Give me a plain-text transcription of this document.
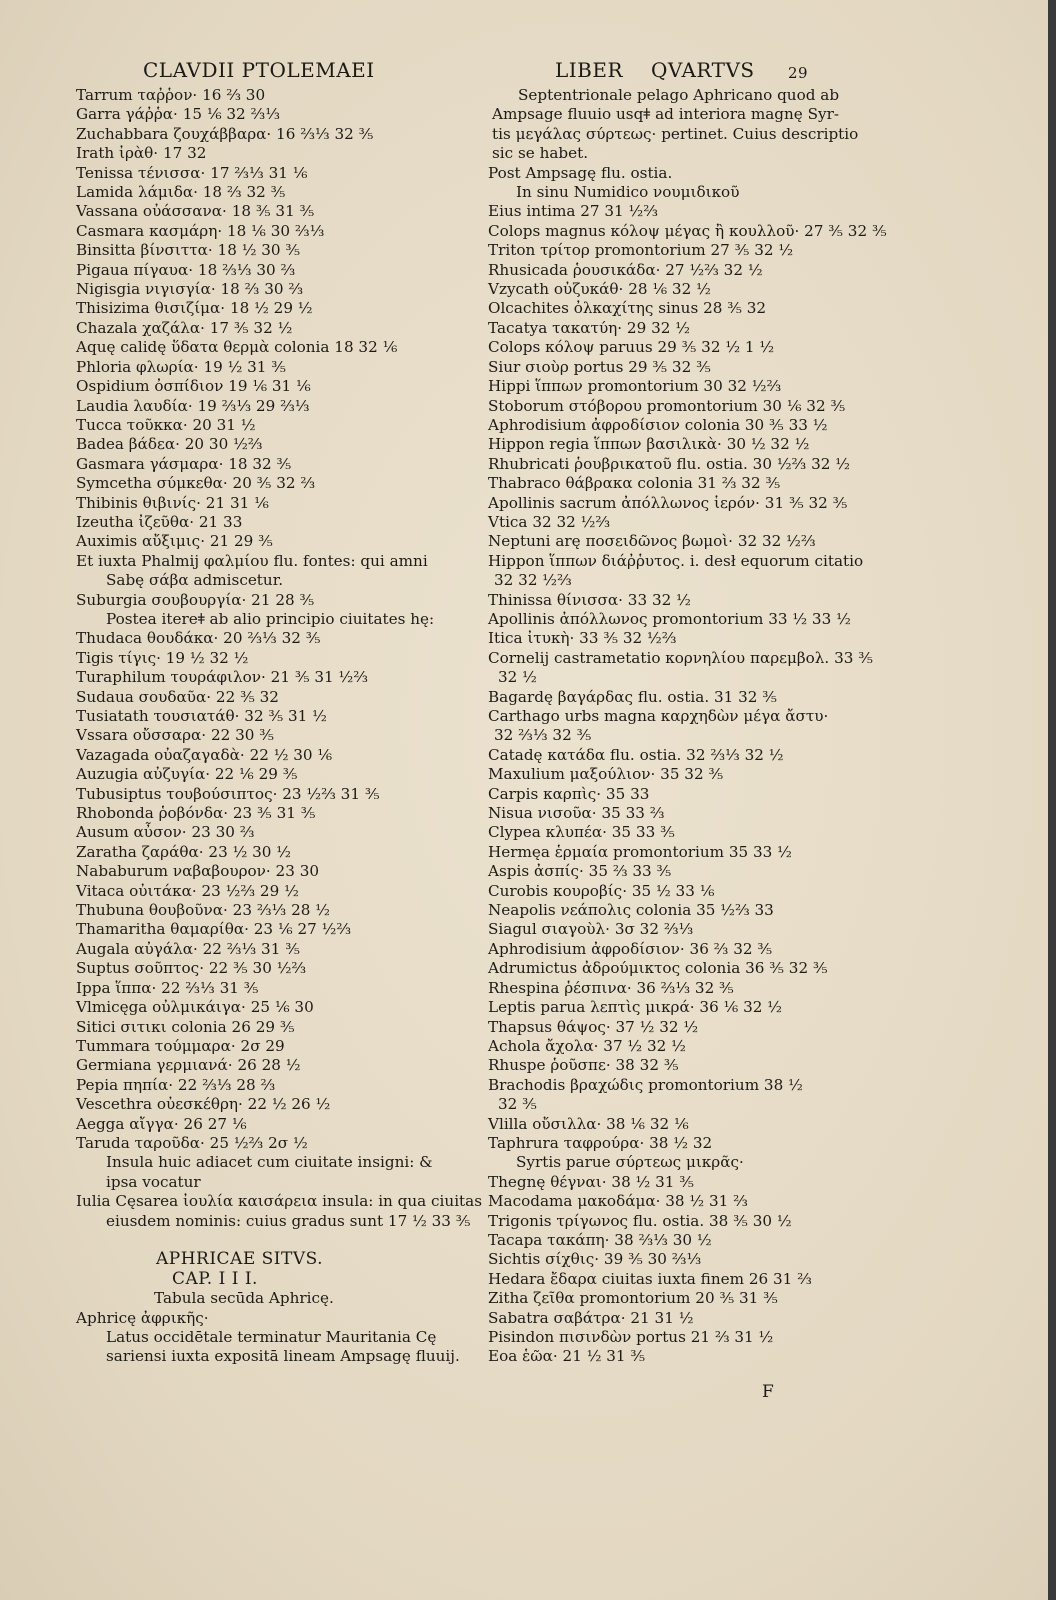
CLAVDII PTOLEMAEI	LIBER QVARTVS 29
Tarrum ταῤῥον· 16 ⅔ 30
Garra γάῤῥα· 15 ⅙ 32 ⅔⅓
Zuchabbara ζουχάββαρα· 16 ⅔⅓ 32 ⅗
Irath ἰρὰθ· 17 32
Tenissa τένισσα· 17 ⅔⅓ 31 ⅙
Lamida λάμιδα· 18 ⅔ 32 ⅗
Vassana οὐάσσανα· 18 ⅗ 31 ⅗
Casmara κασμάρη· 18 ⅙ 30 ⅔⅓
Binsitta βίνσιττα· 18 ½ 30 ⅗
Pigaua πίγαυα· 18 ⅔⅓ 30 ⅔
Nigisgia νιγισγία· 18 ⅔ 30 ⅔
Thisizima θισιζίμα· 18 ½ 29 ½
Chazala χαζάλα· 17 ⅗ 32 ½
Aquę calidę ὕδατα θερμὰ colonia 18 32 ⅙
Phloria φλωρία· 19 ½ 31 ⅗
Ospidium ὀσπίδιον 19 ⅙ 31 ⅙
Laudia λαυδία· 19 ⅔⅓ 29 ⅔⅓
Tucca τοῦκκα· 20 31 ½
Badea βάδεα· 20 30 ½⅔
Gasmara γάσμαρα· 18 32 ⅗
Symcetha σύμκεθα· 20 ⅗ 32 ⅔
Thibinis θιβινίς· 21 31 ⅙
Izeutha ἰζεῦθα· 21 33
Auximis αὔξιμις· 21 29 ⅗
Et iuxta Phalmij φαλμίου flu. fontes: qui amni
Sabę σάβα admiscetur.
Suburgia σουβουργία· 21 28 ⅗
Postea itereǂ ab alio principio ciuitates hę:
Thudaca θουδάκα· 20 ⅔⅓ 32 ⅗
Tigis τίγις· 19 ½ 32 ½
Turaphilum τουράφιλον· 21 ⅗ 31 ½⅔
Sudaua σουδαῦα· 22 ⅗ 32
Tusiatath τουσιατάθ· 32 ⅗ 31 ½
Vssara οὔσσαρα· 22 30 ⅗
Vazagada οὐαζαγαδὰ· 22 ½ 30 ⅙
Auzugia αὐζυγία· 22 ⅙ 29 ⅗
Tubusiptus τουβούσιπτος· 23 ½⅔ 31 ⅗
Rhobonda ῥοβόνδα· 23 ⅗ 31 ⅗
Ausum αὖσον· 23 30 ⅔
Zaratha ζαράθα· 23 ½ 30 ½
Nababurum ναβαβουρον· 23 30
Vitaca οὐιτάκα· 23 ½⅔ 29 ½
Thubuna θουβοῦνα· 23 ⅔⅓ 28 ½
Thamaritha θαμαρίθα· 23 ⅙ 27 ½⅔
Augala αὐγάλα· 22 ⅔⅓ 31 ⅗
Suptus σοῦπτος· 22 ⅗ 30 ½⅔
Ippa ἵππα· 22 ⅔⅓ 31 ⅗
Vlmicęga οὐλμικάιγα· 25 ⅙ 30
Sitici σιτικι colonia 26 29 ⅗
Tummara τούμμαρα· 2σ 29
Germiana γερμιανά· 26 28 ½
Pepia πηπία· 22 ⅔⅓ 28 ⅔
Vescethra οὐεσκέθρη· 22 ½ 26 ½
Aegga αἴγγα· 26 27 ⅙
Taruda ταροῦδα· 25 ½⅔ 2σ ½
Insula huic adiacet cum ciuitate insigni: &
ipsa vocatur
Iulia Cęsarea ἰουλία καισάρεια insula: in qua ciuitas
eiusdem nominis: cuius gradus sunt 17 ½ 33 ⅗
APHRICAE SITVS.
CAP. I I I.
Tabula secūda Aphricę.
Aphricę ἀφρικῆς·
Latus occidētale terminatur Mauritania Cę
sariensi iuxta expositā lineam Ampsagę fluuij.
Septentrionale pelago Aphricano quod ab
Ampsage fluuio usqǂ ad interiora magnę Syr-
tis μεγάλας σύρτεως· pertinet. Cuius descriptio
sic se habet.
Post Ampsagę flu. ostia.
In sinu Numidico νουμιδικοῦ
Eius intima 27 31 ½⅔
Colops magnus κόλοψ μέγας ἢ κουλλοῦ· 27 ⅗ 32 ⅗
Triton τρίτορ promontorium 27 ⅗ 32 ½
Rhusicada ῥουσικάδα· 27 ½⅔ 32 ½
Vzycath οὐζυκάθ· 28 ⅙ 32 ½
Olcachites ὀλκαχίτης sinus 28 ⅗ 32
Tacatya τακατύη· 29 32 ½
Colops κόλοψ paruus 29 ⅗ 32 ½ 1 ½
Siur σιοὺρ portus 29 ⅗ 32 ⅗
Hippi ἵππων promontorium 30 32 ½⅔
Stoborum στόβορου promontorium 30 ⅙ 32 ⅗
Aphrodisium ἀφροδίσιον colonia 30 ⅗ 33 ½
Hippon regia ἵππων βασιλικὰ· 30 ½ 32 ½
Rhubricati ῥουβρικατοῦ flu. ostia. 30 ½⅔ 32 ½
Thabraco θάβρακα colonia 31 ⅔ 32 ⅗
Apollinis sacrum ἀπόλλωνος ἱερόν· 31 ⅗ 32 ⅗
Vtica 32 32 ½⅔
Neptuni arę ποσειδῶνος βωμοὶ· 32 32 ½⅔
Hippon ἵππων διάῤῥυτος. i. desł equorum citatio
32 32 ½⅔
Thinissa θίνισσα· 33 32 ½
Apollinis ἀπόλλωνος promontorium 33 ½ 33 ½
Itica ἰτυκὴ· 33 ⅗ 32 ½⅔
Cornelij castrametatio κορνηλίου παρεμβολ. 33 ⅗
32 ½
Bagardę βαγάρδας flu. ostia. 31 32 ⅗
Carthago urbs magna καρχηδὼν μέγα ἄστυ·
32 ⅔⅓ 32 ⅗
Catadę κατάδα flu. ostia. 32 ⅔⅓ 32 ½
Maxulium μαξούλιον· 35 32 ⅗
Carpis καρπὶς· 35 33
Nisua νισοῦα· 35 33 ⅔
Clypea κλυπέα· 35 33 ⅗
Hermęa ἑρμαία promontorium 35 33 ½
Aspis ἀσπίς· 35 ⅔ 33 ⅗
Curobis κουροβίς· 35 ½ 33 ⅙
Neapolis νεάπολις colonia 35 ½⅔ 33
Siagul σιαγοὺλ· 3σ 32 ⅔⅓
Aphrodisium ἀφροδίσιον· 36 ⅔ 32 ⅗
Adrumictus ἀδρούμικτος colonia 36 ⅗ 32 ⅗
Rhespina ῥέσπινα· 36 ⅔⅓ 32 ⅗
Leptis parua λεπτὶς μικρά· 36 ⅙ 32 ½
Thapsus θάψος· 37 ½ 32 ½
Achola ἄχολα· 37 ½ 32 ½
Rhuspe ῥοῦσπε· 38 32 ⅗
Brachodis βραχώδις promontorium 38 ½
32 ⅗
Vlilla οὔσιλλα· 38 ⅙ 32 ⅙
Taphrura ταφρούρα· 38 ½ 32
Syrtis parue σύρτεως μικρᾶς·
Thegnę θέγναι· 38 ½ 31 ⅗
Macodama μακοδάμα· 38 ½ 31 ⅔
Trigonis τρίγωνος flu. ostia. 38 ⅗ 30 ½
Tacapa τακάπη· 38 ⅔⅓ 30 ½
Sichtis σίχθις· 39 ⅗ 30 ⅔⅓
Hedara ἔδαρα ciuitas iuxta finem 26 31 ⅔
Zitha ζεῖθα promontorium 20 ⅗ 31 ⅗
Sabatra σαβάτρα· 21 31 ½
Pisindon πισινδὼν portus 21 ⅔ 31 ½
Eoa ἑῶα· 21 ½ 31 ⅗
F
